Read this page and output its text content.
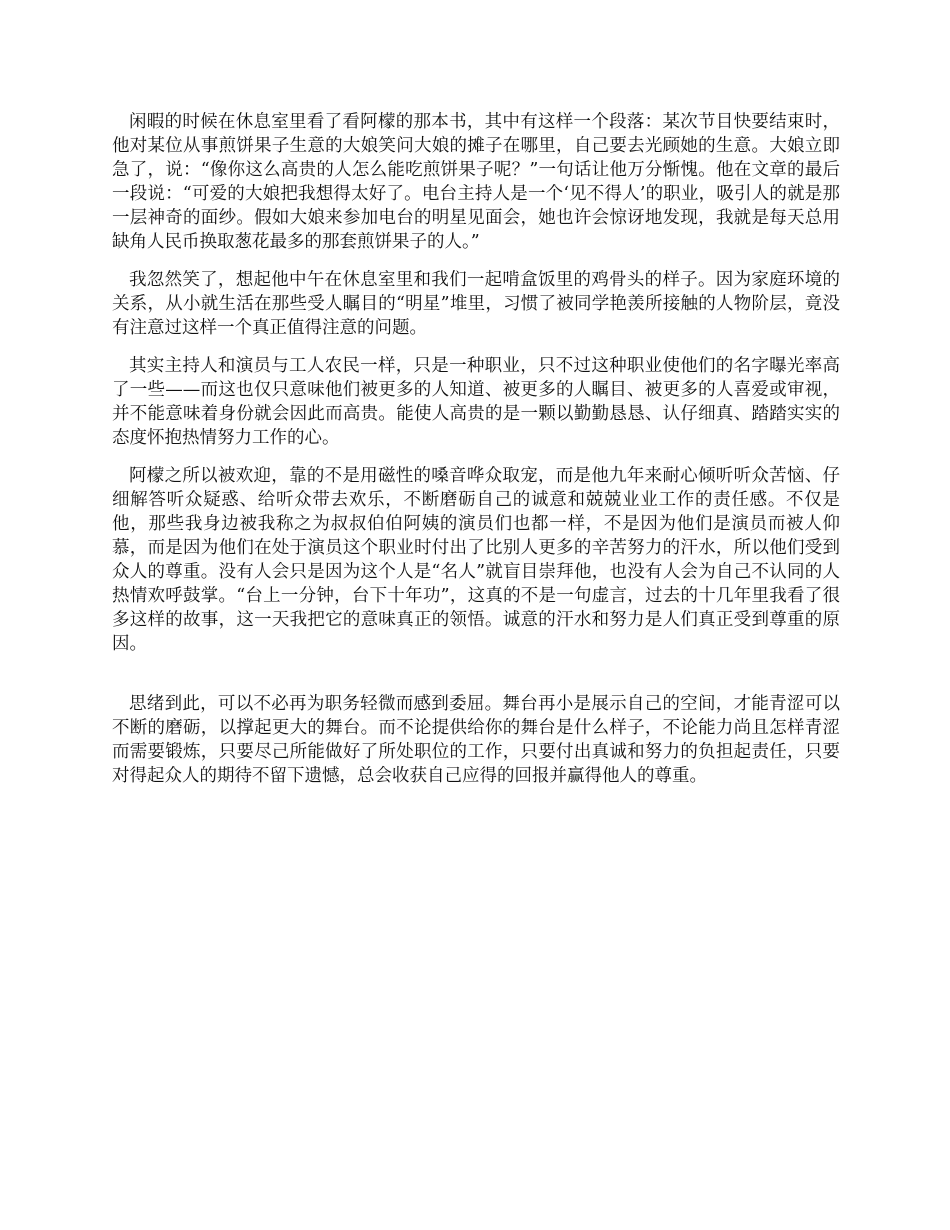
闲暇的时候在休息室里看了看阿檬的那本书，其中有这样一个段落：某次节目快要结束时，他对某位从事煎饼果子生意的大娘笑问大娘的摊子在哪里，自己要去光顾她的生意。大娘立即急了，说：“像你这么高贵的人怎么能吃煎饼果子呢？”一句话让他万分惭愧。他在文章的最后一段说：“可爱的大娘把我想得太好了。电台主持人是一个‘见不得人’的职业，吸引人的就是那一层神奇的面纱。假如大娘来参加电台的明星见面会，她也许会惊讶地发现，我就是每天总用缺角人民币换取葱花最多的那套煎饼果子的人。”

我忽然笑了，想起他中午在休息室里和我们一起啃盒饭里的鸡骨头的样子。因为家庭环境的关系，从小就生活在那些受人瞩目的“明星”堆里，习惯了被同学艳羡所接触的人物阶层，竟没有注意过这样一个真正值得注意的问题。

其实主持人和演员与工人农民一样，只是一种职业，只不过这种职业使他们的名字曝光率高了一些——而这也仅只意味他们被更多的人知道、被更多的人瞩目、被更多的人喜爱或审视，并不能意味着身份就会因此而高贵。能使人高贵的是一颗以勤勤恳恳、认仔细真、踏踏实实的态度怀抱热情努力工作的心。

阿檬之所以被欢迎，靠的不是用磁性的嗓音哗众取宠，而是他九年来耐心倾听听众苦恼、仔细解答听众疑惑、给听众带去欢乐，不断磨砺自己的诚意和兢兢业业工作的责任感。不仅是他，那些我身边被我称之为叔叔伯伯阿姨的演员们也都一样，不是因为他们是演员而被人仰慕，而是因为他们在处于演员这个职业时付出了比别人更多的辛苦努力的汗水，所以他们受到众人的尊重。没有人会只是因为这个人是“名人”就盲目崇拜他，也没有人会为自己不认同的人热情欢呼鼓掌。“台上一分钟，台下十年功”，这真的不是一句虚言，过去的十几年里我看了很多这样的故事，这一天我把它的意味真正的领悟。诚意的汗水和努力是人们真正受到尊重的原因。

思绪到此，可以不必再为职务轻微而感到委屈。舞台再小是展示自己的空间，才能青涩可以不断的磨砺，以撑起更大的舞台。而不论提供给你的舞台是什么样子，不论能力尚且怎样青涩而需要锻炼，只要尽己所能做好了所处职位的工作，只要付出真诚和努力的负担起责任，只要对得起众人的期待不留下遗憾，总会收获自己应得的回报并赢得他人的尊重。
